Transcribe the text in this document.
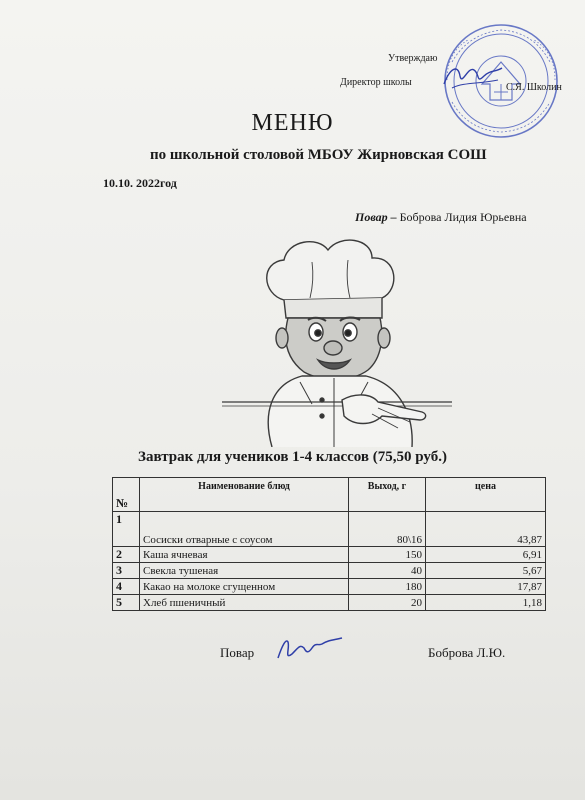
Утверждаю
Директор школы	С.Я. Школин
МЕНЮ
по школьной столовой МБОУ Жирновская СОШ
10.10. 2022год
Повар – Боброва Лидия Юрьевна
Завтрак для учеников 1-4 классов (75,50 руб.)
№	Наименование блюд	Выход, г	цена
1	Сосиски отварные с соусом	80\16	43,87
2	Каша ячневая	150	6,91
3	Свекла тушеная	40	5,67
4	Какао на молоке сгущенном	180	17,87
5	Хлеб пшеничный	20	1,18
Повар	Боброва Л.Ю.
